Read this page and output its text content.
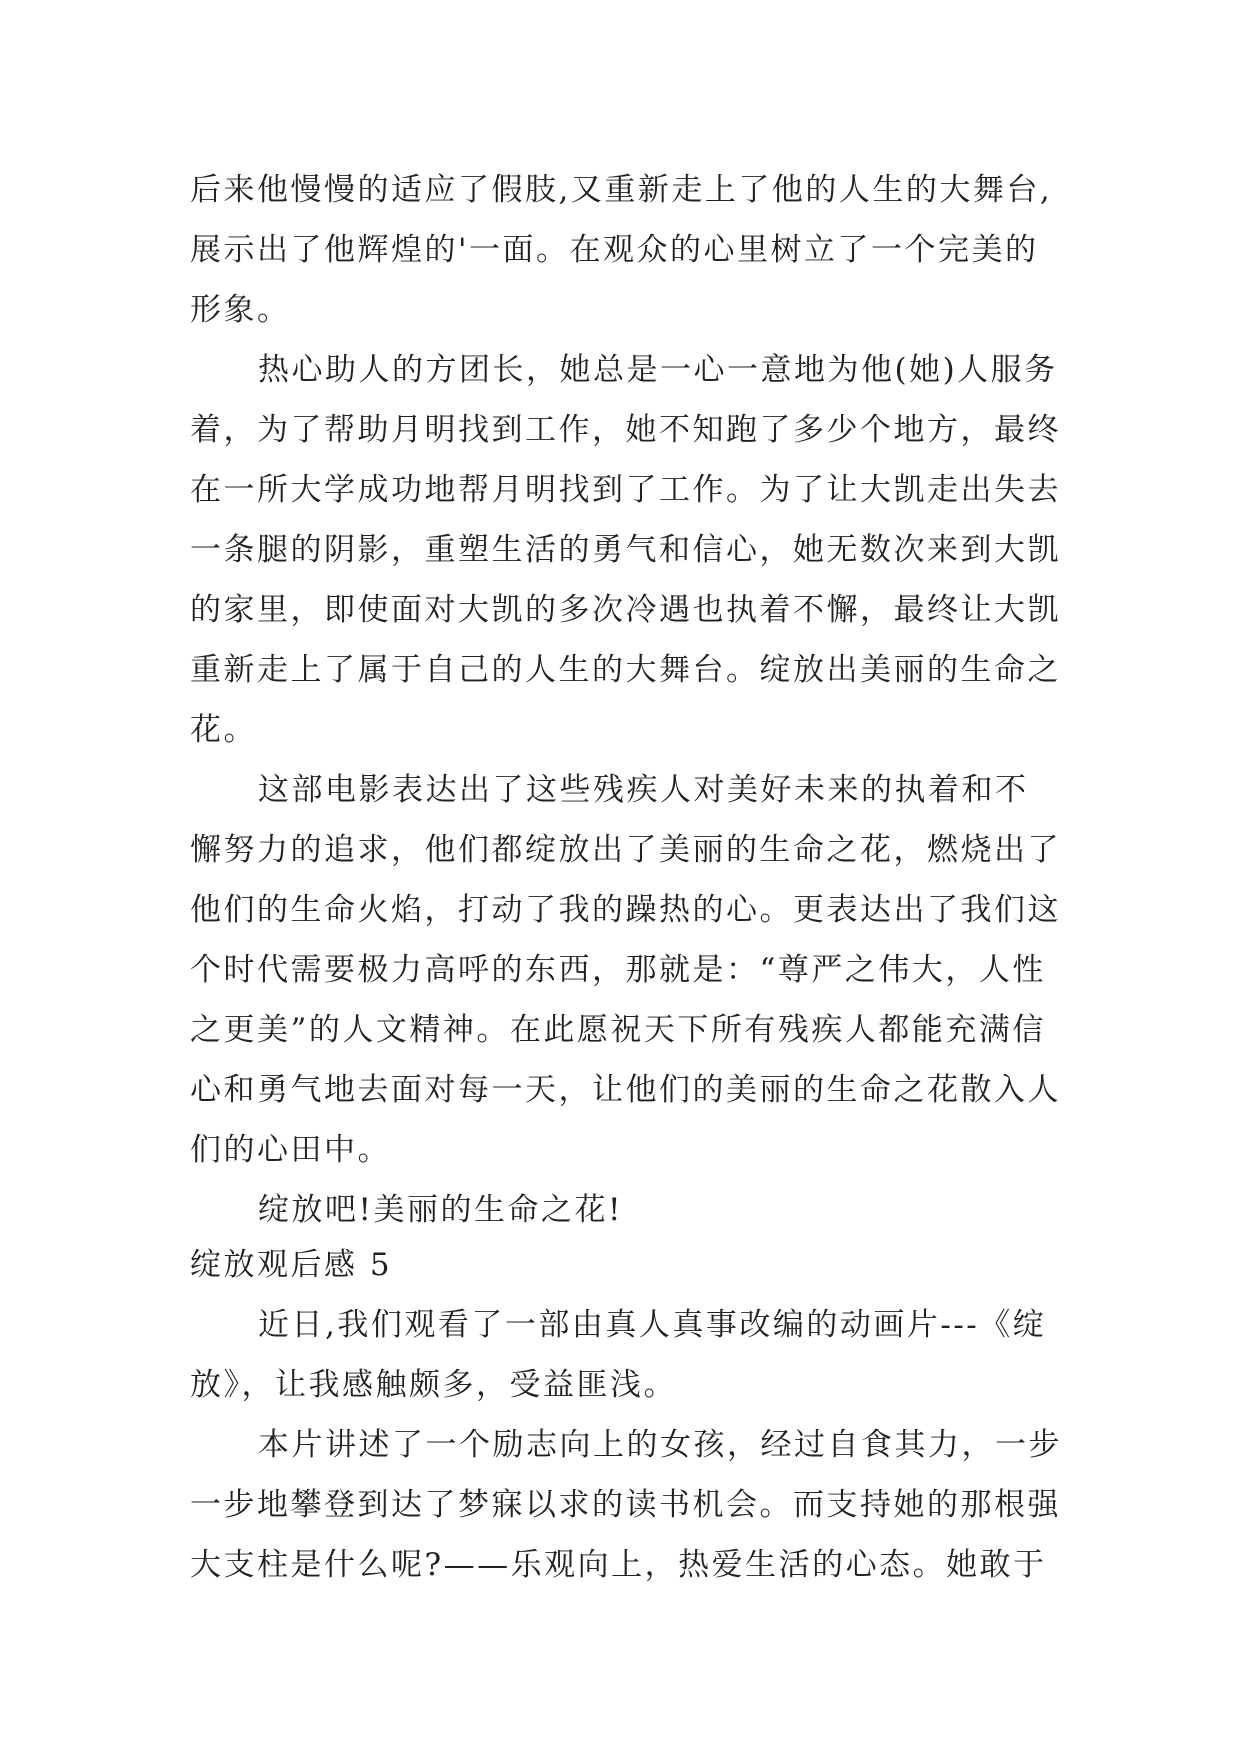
后来他慢慢的适应了假肢,又重新走上了他的人生的大舞台,
展示出了他辉煌的'一面。在观众的心里树立了一个完美的
形象。
热心助人的方团长，她总是一心一意地为他(她)人服务
着，为了帮助月明找到工作，她不知跑了多少个地方，最终
在一所大学成功地帮月明找到了工作。为了让大凯走出失去
一条腿的阴影，重塑生活的勇气和信心，她无数次来到大凯
的家里，即使面对大凯的多次冷遇也执着不懈，最终让大凯
重新走上了属于自己的人生的大舞台。绽放出美丽的生命之
花。
这部电影表达出了这些残疾人对美好未来的执着和不
懈努力的追求，他们都绽放出了美丽的生命之花，燃烧出了
他们的生命火焰，打动了我的躁热的心。更表达出了我们这
个时代需要极力高呼的东西，那就是：“尊严之伟大，人性
之更美”的人文精神。在此愿祝天下所有残疾人都能充满信
心和勇气地去面对每一天，让他们的美丽的生命之花散入人
们的心田中。
绽放吧!美丽的生命之花!
绽放观后感 5
近日,我们观看了一部由真人真事改编的动画片---《绽
放》，让我感触颇多，受益匪浅。
本片讲述了一个励志向上的女孩，经过自食其力，一步
一步地攀登到达了梦寐以求的读书机会。而支持她的那根强
大支柱是什么呢?——乐观向上，热爱生活的心态。她敢于
